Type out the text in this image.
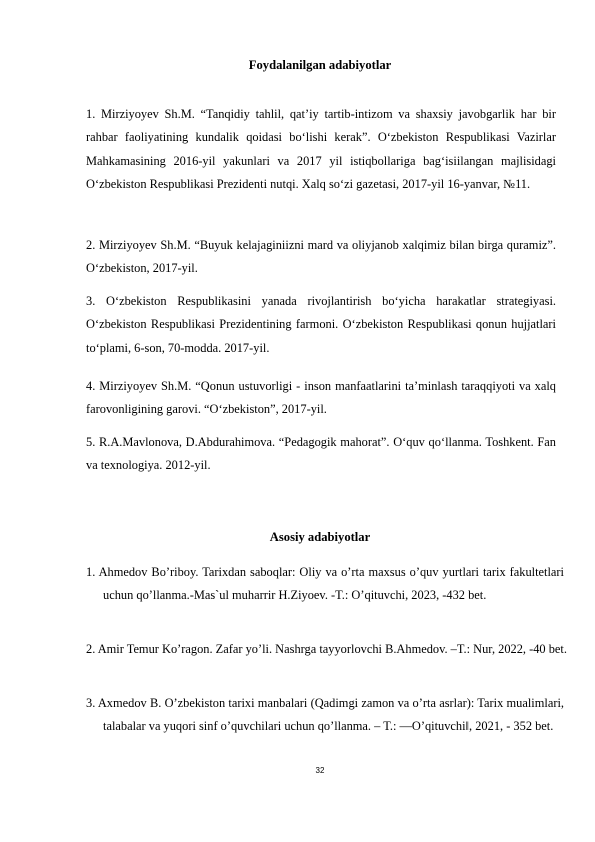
Foydalanilgan adabiyotlar
1. Mirziyoyev Sh.M. “Tanqidiy tahlil, qat’iy tartib-intizom va shaxsiy javobgarlik har bir rahbar faoliyatining kundalik qoidasi bo‘lishi kerak”. O‘zbekiston Respublikasi Vazirlar Mahkamasining 2016-yil yakunlari va 2017 yil istiqbollariga bag‘isiilangan majlisidagi O‘zbekiston Respublikasi Prezidenti nutqi. Xalq so‘zi gazetasi, 2017-yil 16-yanvar, №11.
2. Mirziyoyev Sh.M. “Buyuk kelajaginiizni mard va oliyjanob xalqimiz bilan birga quramiz”. O‘zbekiston, 2017-yil.
3. O‘zbekiston Respublikasini yanada rivojlantirish bo‘yicha harakatlar strategiyasi. O‘zbekiston Respublikasi Prezidentining farmoni. O‘zbekiston Respublikasi qonun hujjatlari to‘plami, 6-son, 70-modda. 2017-yil.
4. Mirziyoyev Sh.M. “Qonun ustuvorligi - inson manfaatlarini ta’minlash taraqqiyoti va xalq farovonligining garovi. “O‘zbekiston”, 2017-yil.
5. R.A.Mavlonova, D.Abdurahimova. “Pedagogik mahorat”. O‘quv qo‘llanma. Toshkent. Fan va texnologiya. 2012-yil.
Asosiy adabiyotlar
1. Ahmedov Bo’riboy. Tarixdan saboqlar: Oliy va o’rta maxsus o’quv yurtlari tarix fakultetlari uchun qo’llanma.-Mas`ul muharrir H.Ziyoev. -T.: O’qituvchi, 2023, -432 bet.
2. Amir Temur Ko’ragon. Zafar yo’li. Nashrga tayyorlovchi B.Ahmedov. –T.: Nur, 2022, -40 bet.
3. Axmedov B. O’zbekiston tarixi manbalari (Qadimgi zamon va o’rta asrlar): Tarix mualimlari, talabalar va yuqori sinf o’quvchilari uchun qo’llanma. – T.: ―O’qituvchi‖, 2021, - 352 bet.
32
